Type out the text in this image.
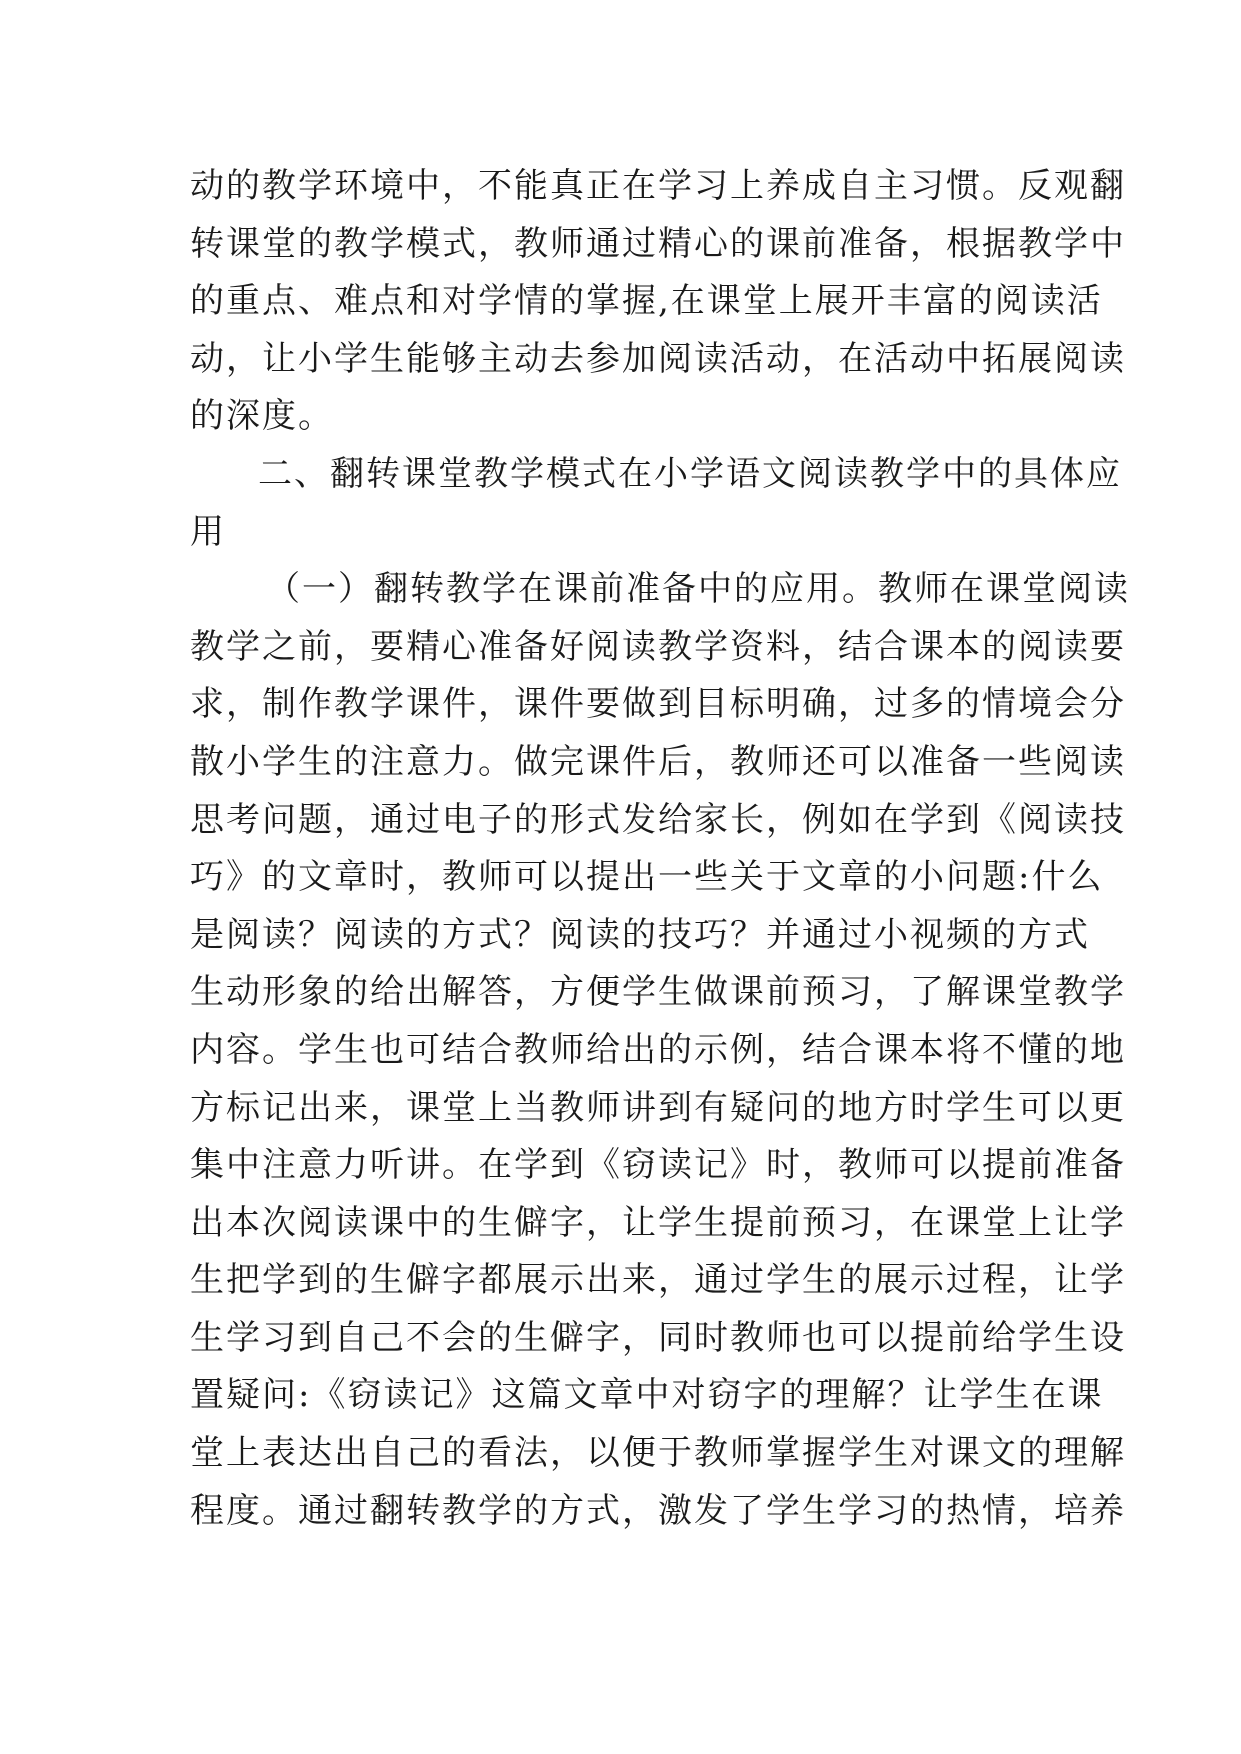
动的教学环境中，不能真正在学习上养成自主习惯。反观翻
转课堂的教学模式，教师通过精心的课前准备，根据教学中
的重点、难点和对学情的掌握,在课堂上展开丰富的阅读活
动，让小学生能够主动去参加阅读活动，在活动中拓展阅读
的深度。
二、翻转课堂教学模式在小学语文阅读教学中的具体应
用
（一）翻转教学在课前准备中的应用。教师在课堂阅读
教学之前，要精心准备好阅读教学资料，结合课本的阅读要
求，制作教学课件，课件要做到目标明确，过多的情境会分
散小学生的注意力。做完课件后，教师还可以准备一些阅读
思考问题，通过电子的形式发给家长，例如在学到《阅读技
巧》的文章时，教师可以提出一些关于文章的小问题:什么
是阅读？阅读的方式？阅读的技巧？并通过小视频的方式
生动形象的给出解答，方便学生做课前预习，了解课堂教学
内容。学生也可结合教师给出的示例，结合课本将不懂的地
方标记出来，课堂上当教师讲到有疑问的地方时学生可以更
集中注意力听讲。在学到《窃读记》时，教师可以提前准备
出本次阅读课中的生僻字，让学生提前预习，在课堂上让学
生把学到的生僻字都展示出来，通过学生的展示过程，让学
生学习到自己不会的生僻字，同时教师也可以提前给学生设
置疑问:《窃读记》这篇文章中对窃字的理解？让学生在课
堂上表达出自己的看法，以便于教师掌握学生对课文的理解
程度。通过翻转教学的方式，激发了学生学习的热情，培养
